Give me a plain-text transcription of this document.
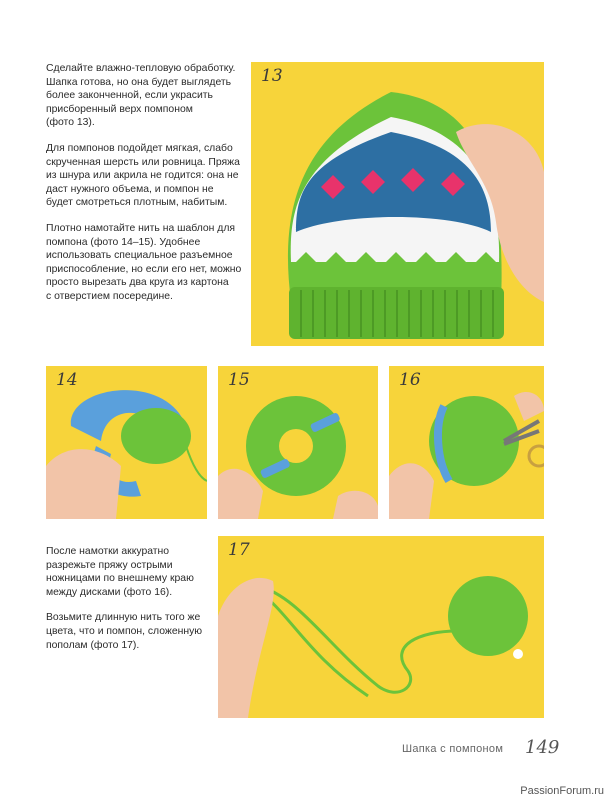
Сделайте влажно-тепловую обработку.
Шапка готова, но она будет выглядеть
более законченной, если украсить
присборенный верх помпоном
(фото 13).

Для помпонов подойдет мягкая, слабо
скрученная шерсть или ровница. Пряжа
из шнура или акрила не годится: она не
даст нужного объема, и помпон не
будет смотреться плотным, набитым.

Плотно намотайте нить на шаблон для
помпона (фото 14–15). Удобнее
использовать специальное разъемное
приспособление, но если его нет, можно
просто вырезать два круга из картона
с отверстием посередине.

13
14	15	16

После намотки аккуратно
разрежьте пряжу острыми
ножницами по внешнему краю
между дисками (фото 16).

Возьмите длинную нить того же
цвета, что и помпон, сложенную
пополам (фото 17).

17
Шапка с помпоном 149
PassionForum.ru
